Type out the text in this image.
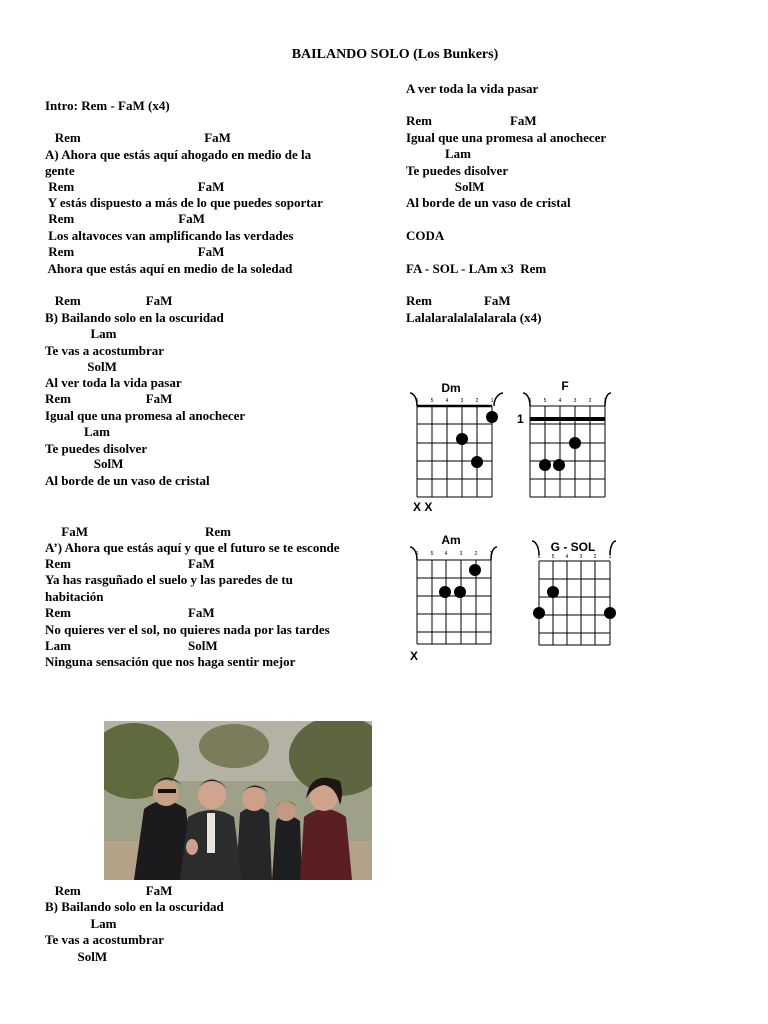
BAILANDO SOLO (Los Bunkers)
Intro: Rem - FaM (x4)
Rem                                      FaM
A) Ahora que estás aquí ahogado en medio de la
gente
Rem                                      FaM
Y estás dispuesto a más de lo que puedes soportar
Rem                                FaM
Los altavoces van amplificando las verdades
Rem                                      FaM
Ahora que estás aquí en medio de la soledad
Rem                    FaM
B) Bailando solo en la oscuridad
Lam
Te vas a acostumbrar
SolM
Al ver toda la vida pasar
Rem                       FaM
Igual que una promesa al anochecer
Lam
Te puedes disolver
SolM
Al borde de un vaso de cristal
FaM                                    Rem
A’) Ahora que estás aquí y que el futuro se te esconde
Rem                                    FaM
Ya has rasguñado el suelo y las paredes de tu
habitación
Rem                                    FaM
No quieres ver el sol, no quieres nada por las tardes
Lam                                    SolM
Ninguna sensación que nos haga sentir mejor
Rem                    FaM
B) Bailando solo en la oscuridad
Lam
Te vas a acostumbrar
SolM
A ver toda la vida pasar
Rem                        FaM
Igual que una promesa al anochecer
Lam
Te puedes disolver
SolM
Al borde de un vaso de cristal
CODA
FA - SOL - LAm x3  Rem
Rem                FaM
Lalalaralalalalarala (x4)
Dm
6 5 4 3 2 1
X X
F
6 5 4 3 2 1
1
Am
6 5 4 3 2 1
X
G - SOL
6 5 4 3 2 1
